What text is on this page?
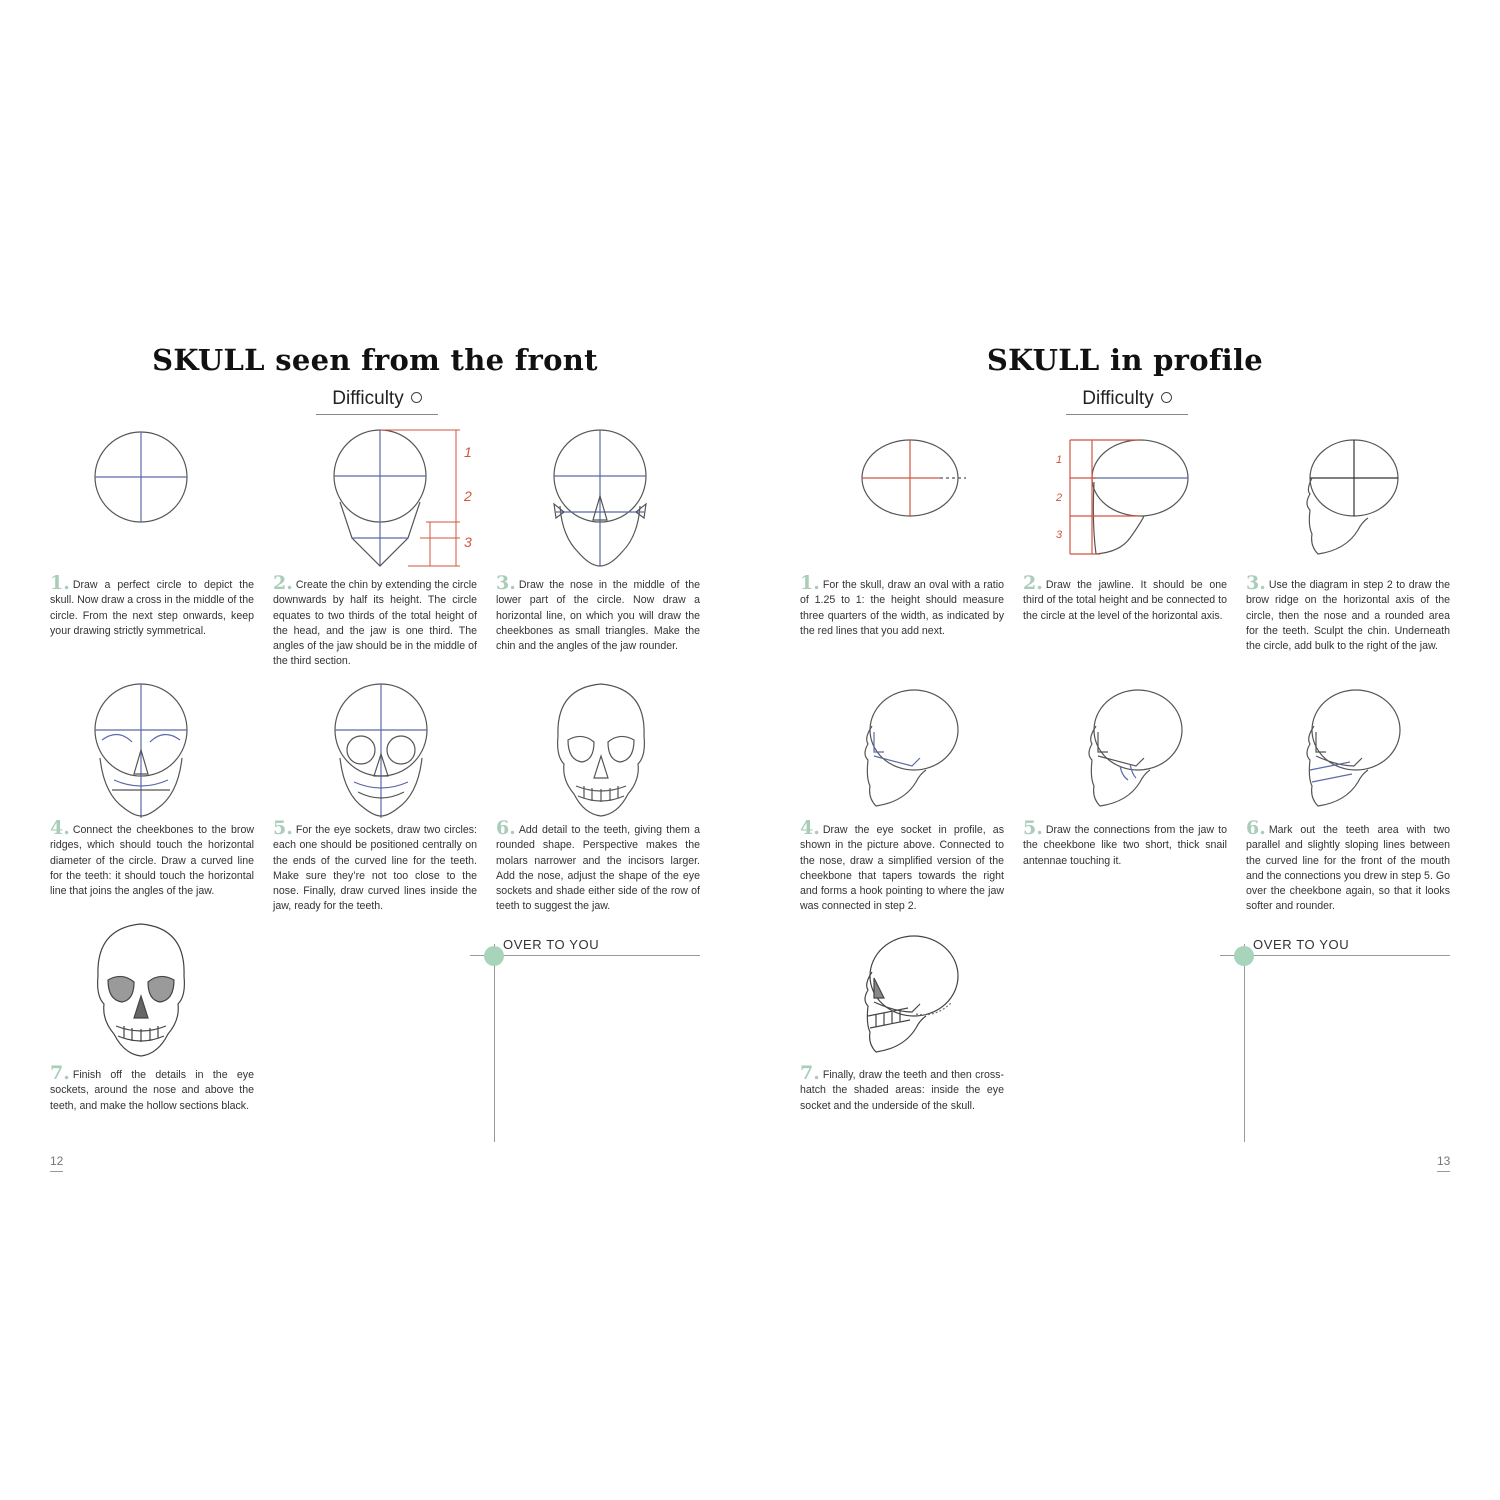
SKULL seen from the front
Difficulty
1
2
3
1. Draw a perfect circle to depict the skull. Now draw a cross in the middle of the circle. From the next step onwards, keep your drawing strictly symmetrical.
2. Create the chin by extending the circle downwards by half its height. The circle equates to two thirds of the total height of the head, and the jaw is one third. The angles of the jaw should be in the middle of the third section.
3. Draw the nose in the middle of the lower part of the circle. Now draw a horizontal line, on which you will draw the cheekbones as small triangles. Make the chin and the angles of the jaw rounder.
4. Connect the cheekbones to the brow ridges, which should touch the horizontal diameter of the circle. Draw a curved line for the teeth: it should touch the horizontal line that joins the angles of the jaw.
5. For the eye sockets, draw two circles: each one should be positioned centrally on the ends of the curved line for the teeth. Make sure they’re not too close to the nose. Finally, draw curved lines inside the jaw, ready for the teeth.
6. Add detail to the teeth, giving them a rounded shape. Perspective makes the molars narrower and the incisors larger. Add the nose, adjust the shape of the eye sockets and shade either side of the row of teeth to suggest the jaw.
7. Finish off the details in the eye sockets, around the nose and above the teeth, and make the hollow sections black.
OVER TO YOU
12
SKULL in profile
Difficulty
1
2
3
1. For the skull, draw an oval with a ratio of 1.25 to 1: the height should measure three quarters of the width, as indicated by the red lines that you add next.
2. Draw the jawline. It should be one third of the total height and be connected to the circle at the level of the horizontal axis.
3. Use the diagram in step 2 to draw the brow ridge on the horizontal axis of the circle, then the nose and a rounded area for the teeth. Sculpt the chin. Underneath the circle, add bulk to the right of the jaw.
4. Draw the eye socket in profile, as shown in the picture above. Connected to the nose, draw a simplified version of the cheekbone that tapers towards the right and forms a hook pointing to where the jaw was connected in step 2.
5. Draw the connections from the jaw to the cheekbone like two short, thick snail antennae touching it.
6. Mark out the teeth area with two parallel and slightly sloping lines between the curved line for the front of the mouth and the connections you drew in step 5. Go over the cheekbone again, so that it looks softer and rounder.
7. Finally, draw the teeth and then cross-hatch the shaded areas: inside the eye socket and the underside of the skull.
OVER TO YOU
13
